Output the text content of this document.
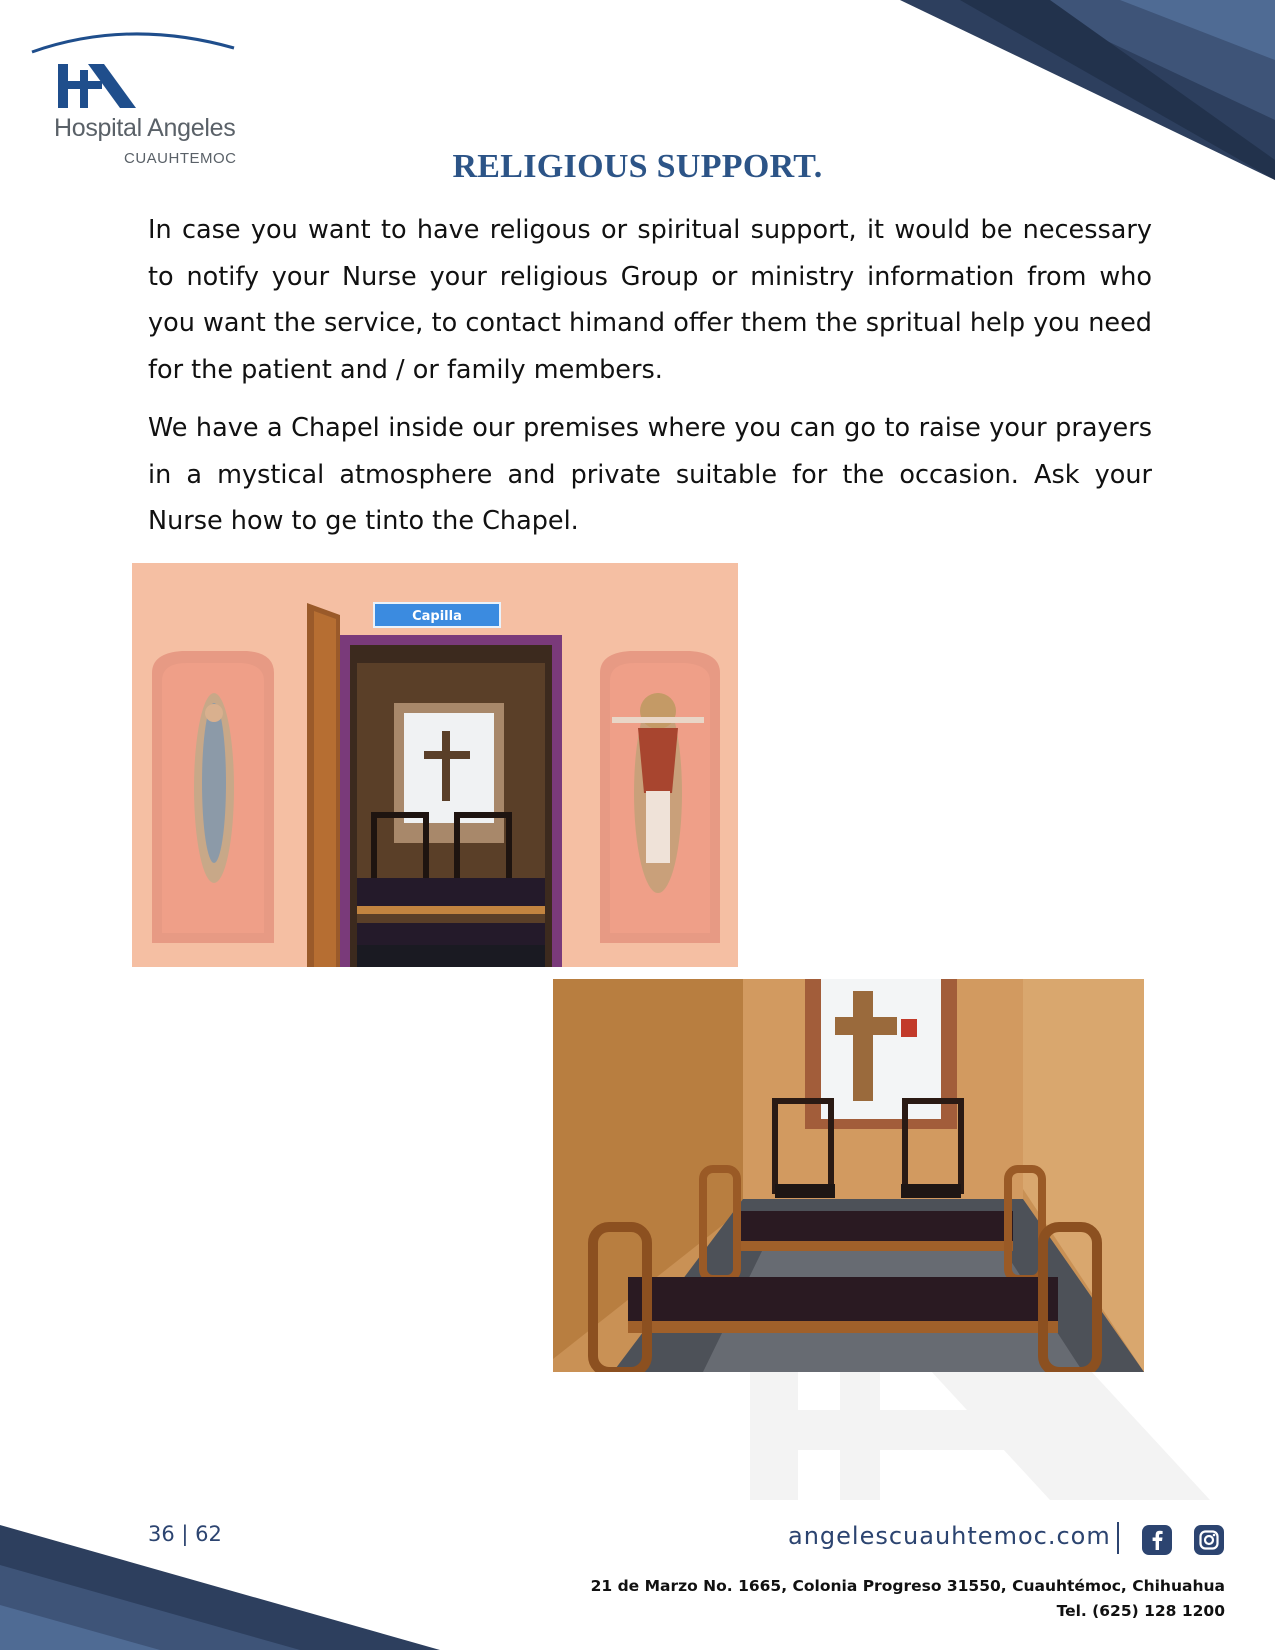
Hospital Angeles
CUAUHTEMOC	RELIGIOUS SUPPORT.

In case you want to have religous or spiritual support, it would be necessary to notify your Nurse your religious Group or ministry information from who you want the service, to contact himand offer them the spritual help you need for the patient and / or family members.

We have a Chapel inside our premises where you can go to raise your prayers in a mystical atmosphere and private suitable for the occasion. Ask your Nurse how to ge tinto the Chapel.

Capilla
36 | 62	angelescuauhtemoc.com
21 de Marzo No. 1665, Colonia Progreso 31550, Cuauhtémoc, Chihuahua
Tel. (625) 128 1200
